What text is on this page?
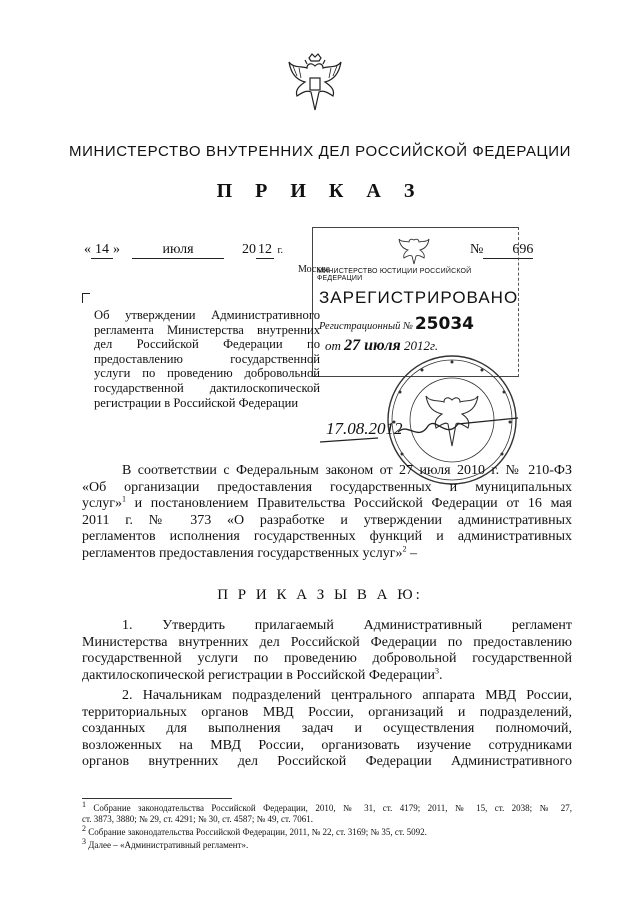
МИНИСТЕРСТВО ВНУТРЕННИХ ДЕЛ РОССИЙСКОЙ ФЕДЕРАЦИИ
П Р И К А З
« 14 »	июля	20 12 г.	№ 696
МИНИСТЕРСТВО ЮСТИЦИИ РОССИЙСКОЙ ФЕДЕРАЦИИ
ЗАРЕГИСТРИРОВАНО
Регистрационный № 25034
от 27 июля 2012г.
Москва
Об утверждении Административного
регламента Министерства внутренних
дел Российской Федерации по
предоставлению государственной
услуги по проведению добровольной
государственной дактилоскопической
регистрации в Российской Федерации
17.08.2012
В соответствии с Федеральным законом от 27 июля 2010 г. № 210-ФЗ
«Об организации предоставления государственных и муниципальных
услуг»$^1$ и постановлением Правительства Российской Федерации от 16 мая
2011 г. № 373 «О разработке и утверждении административных
регламентов исполнения государственных функций и административных
регламентов предоставления государственных услуг»$^2$ –
П Р И К А З Ы В А Ю:
1. Утвердить прилагаемый Административный регламент
Министерства внутренних дел Российской Федерации по предоставлению
государственной услуги по проведению добровольной государственной
дактилоскопической регистрации в Российской Федерации$^3$.
2. Начальникам подразделений центрального аппарата МВД России,
территориальных органов МВД России, организаций и подразделений,
созданных для выполнения задач и осуществления полномочий,
возложенных на МВД России, организовать изучение сотрудниками
органов внутренних дел Российской Федерации Административного
$^1$ Собрание законодательства Российской Федерации, 2010, № 31, ст. 4179; 2011, № 15, ст. 2038; № 27,
ст. 3873, 3880; № 29, ст. 4291; № 30, ст. 4587; № 49, ст. 7061.
$^2$ Собрание законодательства Российской Федерации, 2011, № 22, ст. 3169; № 35, ст. 5092.
$^3$ Далее – «Административный регламент».
